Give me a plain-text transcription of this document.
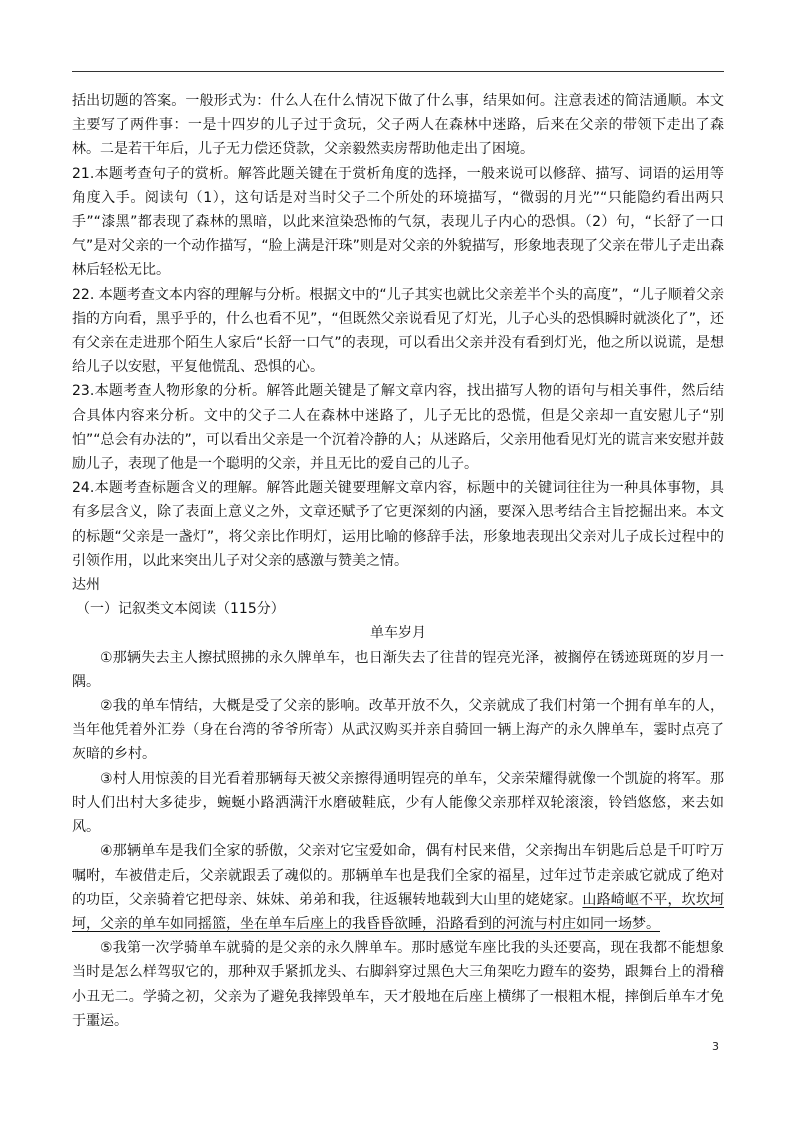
括出切题的答案。一般形式为：什么人在什么情况下做了什么事，结果如何。注意表述的简洁通顺。本文主要写了两件事：一是十四岁的儿子过于贪玩，父子两人在森林中迷路，后来在父亲的带领下走出了森林。二是若干年后，儿子无力偿还贷款，父亲毅然卖房帮助他走出了困境。

21.本题考查句子的赏析。解答此题关键在于赏析角度的选择，一般来说可以修辞、描写、词语的运用等角度入手。阅读句（1），这句话是对当时父子二个所处的环境描写，“微弱的月光”“只能隐约看出两只手”“漆黑”都表现了森林的黑暗，以此来渲染恐怖的气氛，表现儿子内心的恐惧。（2）句，“长舒了一口气”是对父亲的一个动作描写，“脸上满是汗珠”则是对父亲的外貌描写，形象地表现了父亲在带儿子走出森林后轻松无比。

22. 本题考查文本内容的理解与分析。根据文中的“儿子其实也就比父亲差半个头的高度”，“儿子顺着父亲指的方向看，黑乎乎的，什么也看不见”，“但既然父亲说看见了灯光，儿子心头的恐惧瞬时就淡化了”，还有父亲在走进那个陌生人家后“长舒一口气”的表现，可以看出父亲并没有看到灯光，他之所以说谎，是想给儿子以安慰，平复他慌乱、恐惧的心。

23.本题考查人物形象的分析。解答此题关键是了解文章内容，找出描写人物的语句与相关事件，然后结合具体内容来分析。文中的父子二人在森林中迷路了，儿子无比的恐慌，但是父亲却一直安慰儿子“别怕”“总会有办法的”，可以看出父亲是一个沉着冷静的人；从迷路后，父亲用他看见灯光的谎言来安慰并鼓励儿子，表现了他是一个聪明的父亲，并且无比的爱自己的儿子。

24.本题考查标题含义的理解。解答此题关键要理解文章内容，标题中的关键词往往为一种具体事物，具有多层含义，除了表面上意义之外，文章还赋予了它更深刻的内涵，要深入思考结合主旨挖掘出来。本文的标题“父亲是一盏灯”，将父亲比作明灯，运用比喻的修辞手法，形象地表现出父亲对儿子成长过程中的引领作用，以此来突出儿子对父亲的感激与赞美之情。

达州

（一）记叙类文本阅读（115分）

单车岁月

①那辆失去主人擦拭照拂的永久牌单车，也日渐失去了往昔的锃亮光泽，被搁停在锈迹斑斑的岁月一隅。

②我的单车情结，大概是受了父亲的影响。改革开放不久，父亲就成了我们村第一个拥有单车的人，当年他凭着外汇券（身在台湾的爷爷所寄）从武汉购买并亲自骑回一辆上海产的永久牌单车，霎时点亮了灰暗的乡村。

③村人用惊羡的目光看着那辆每天被父亲擦得通明锃亮的单车，父亲荣耀得就像一个凯旋的将军。那时人们出村大多徒步，蜿蜒小路洒满汗水磨破鞋底，少有人能像父亲那样双轮滚滚，铃铛悠悠，来去如风。

④那辆单车是我们全家的骄傲，父亲对它宝爱如命，偶有村民来借，父亲掏出车钥匙后总是千叮咛万嘱咐，车被借走后，父亲就跟丢了魂似的。那辆单车也是我们全家的福星，过年过节走亲戚它就成了绝对的功臣，父亲骑着它把母亲、妹妹、弟弟和我，往返辗转地载到大山里的姥姥家。山路崎岖不平，坎坎坷坷，父亲的单车如同摇篮，坐在单车后座上的我昏昏欲睡，沿路看到的河流与村庄如同一场梦。

⑤我第一次学骑单车就骑的是父亲的永久牌单车。那时感觉车座比我的头还要高，现在我都不能想象当时是怎么样驾驭它的，那种双手紧抓龙头、右脚斜穿过黑色大三角架吃力蹬车的姿势，跟舞台上的滑稽小丑无二。学骑之初，父亲为了避免我摔毁单车，天才般地在后座上横绑了一根粗木棍，摔倒后单车才免于噩运。

3
